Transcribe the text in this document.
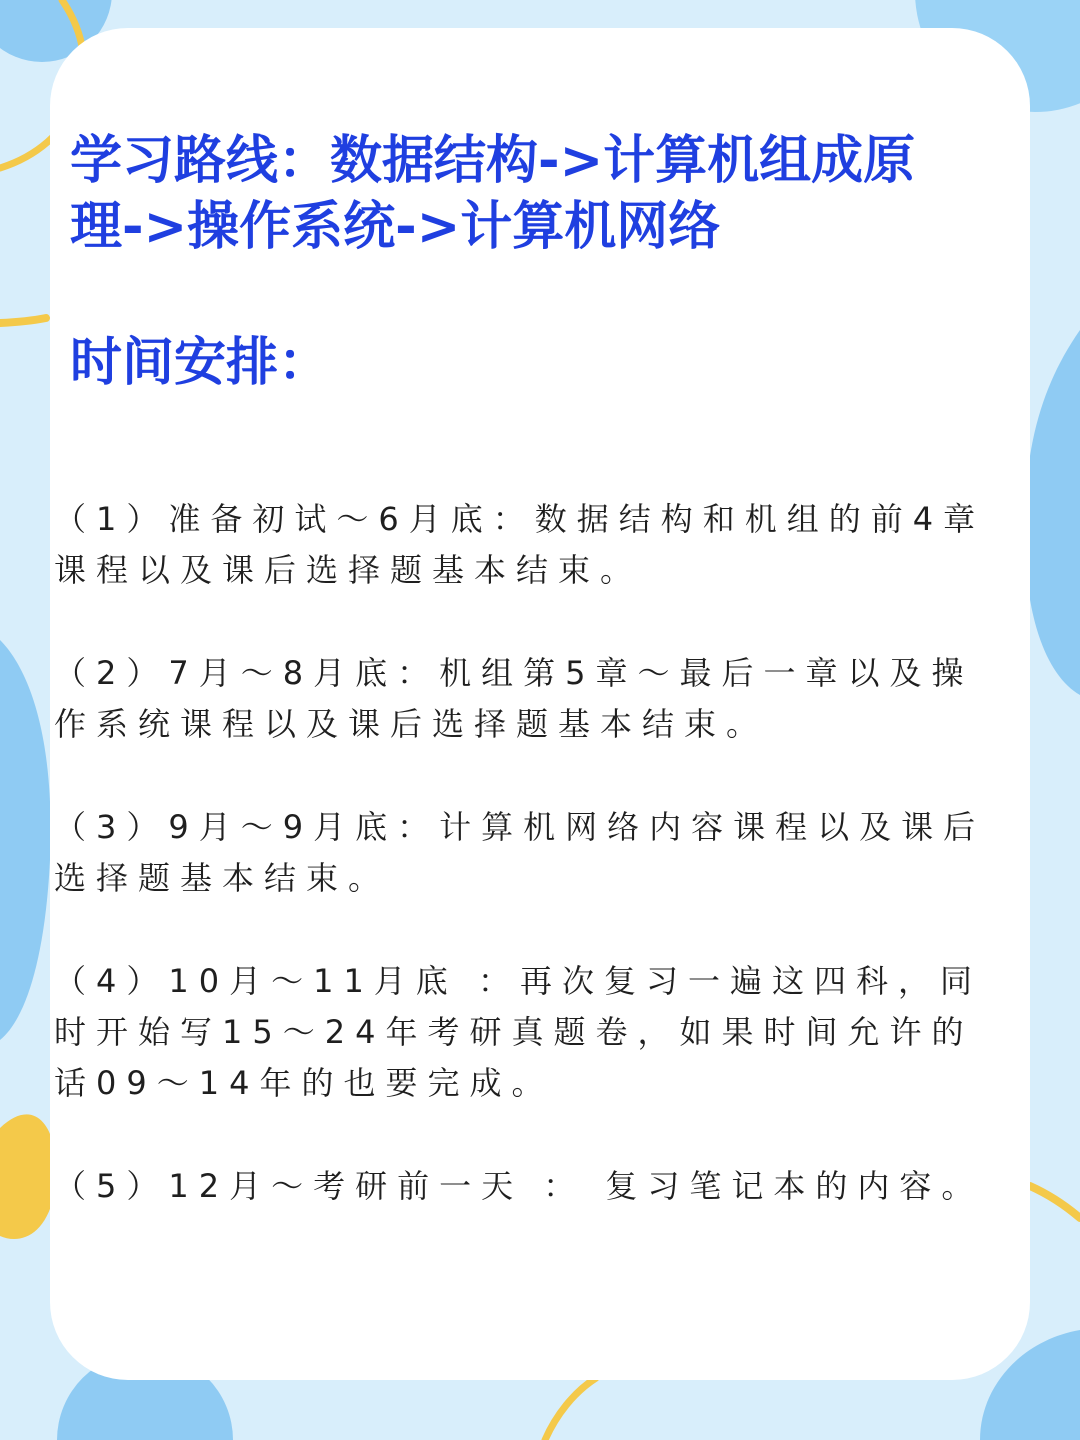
学习路线：数据结构->计算机组成原理->操作系统->计算机网络
时间安排：
（1）准备初试～6月底：数据结构和机组的前4章课程以及课后选择题基本结束。
（2）7月～8月底：机组第5章～最后一章以及操作系统课程以及课后选择题基本结束。
（3）9月～9月底：计算机网络内容课程以及课后选择题基本结束。
（4）10月～11月底 ：再次复习一遍这四科，同时开始写15～24年考研真题卷，如果时间允许的话09～14年的也要完成。
（5）12月～考研前一天 ： 复习笔记本的内容。
